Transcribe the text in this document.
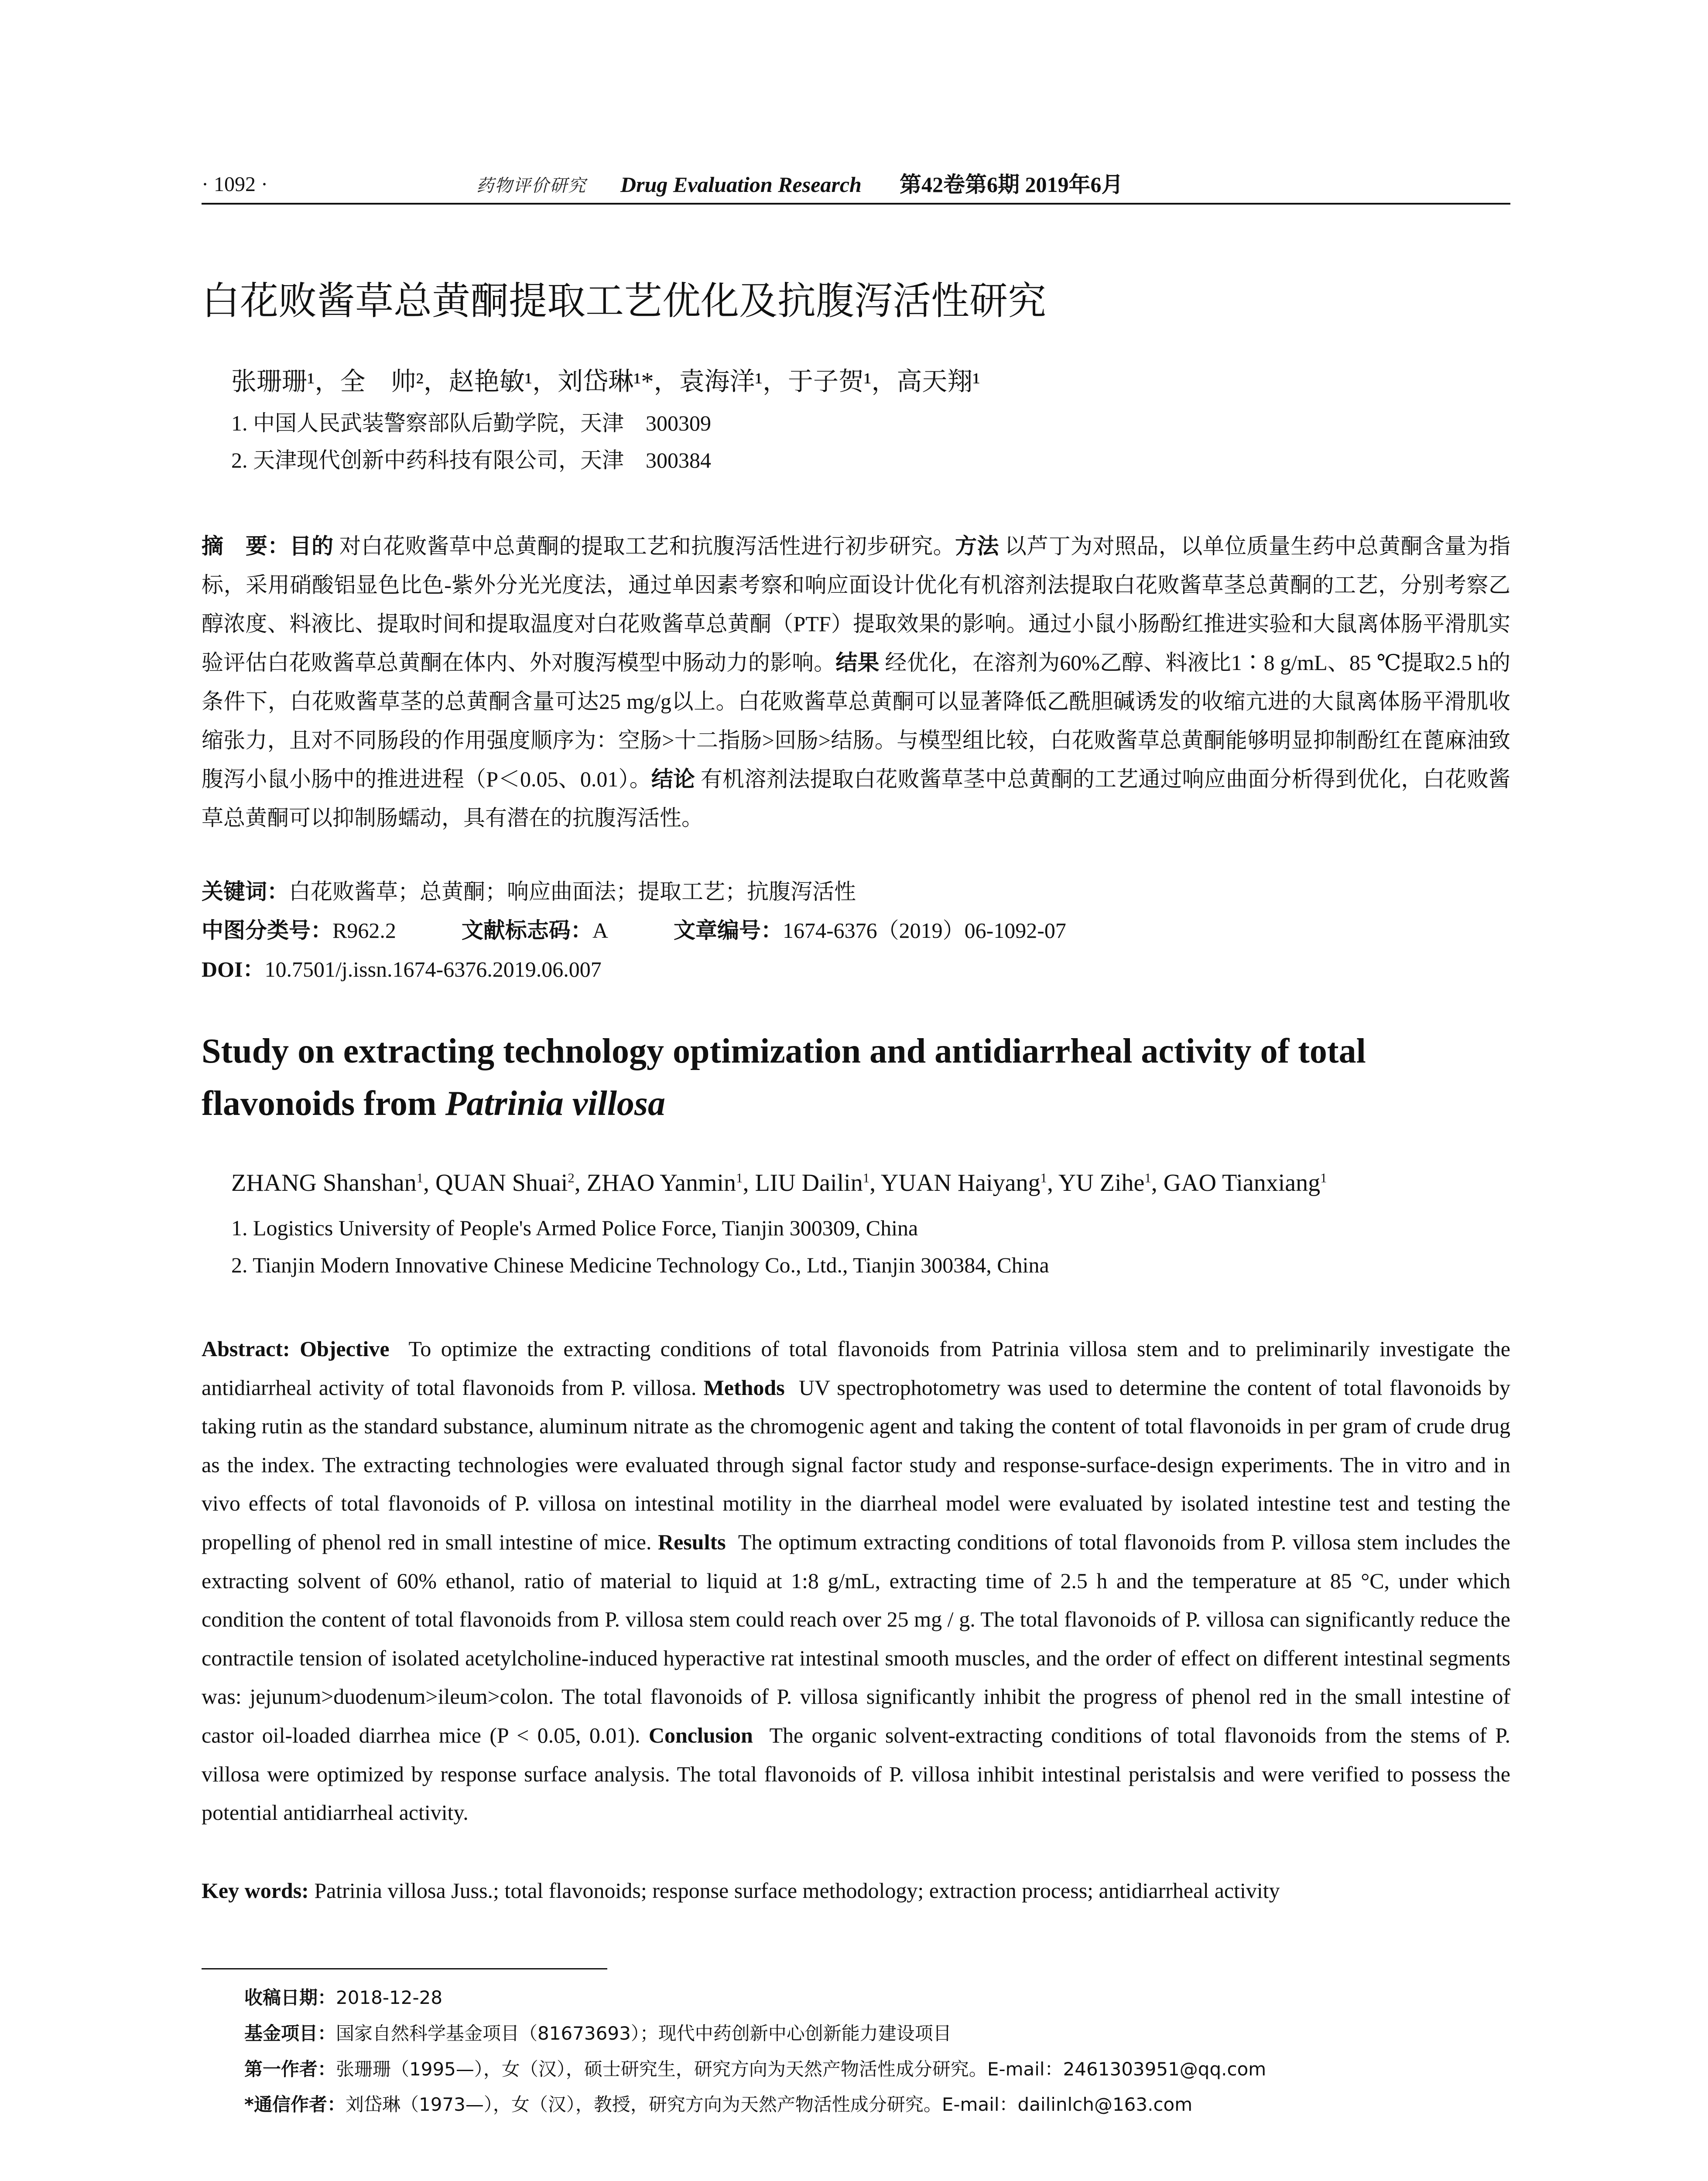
· 1092 ·	药物评价研究 Drug Evaluation Research 第42卷第6期 2019年6月
白花败酱草总黄酮提取工艺优化及抗腹泻活性研究
张珊珊¹，全　帅²，赵艳敏¹，刘岱琳¹*，袁海洋¹，于子贺¹，高天翔¹
1. 中国人民武装警察部队后勤学院，天津　300309
2. 天津现代创新中药科技有限公司，天津　300384
摘　要：目的 对白花败酱草中总黄酮的提取工艺和抗腹泻活性进行初步研究。方法 以芦丁为对照品，以单位质量生药中总黄酮含量为指标，采用硝酸铝显色比色-紫外分光光度法，通过单因素考察和响应面设计优化有机溶剂法提取白花败酱草茎总黄酮的工艺，分别考察乙醇浓度、料液比、提取时间和提取温度对白花败酱草总黄酮（PTF）提取效果的影响。通过小鼠小肠酚红推进实验和大鼠离体肠平滑肌实验评估白花败酱草总黄酮在体内、外对腹泻模型中肠动力的影响。结果 经优化，在溶剂为60%乙醇、料液比1∶8 g/mL、85 ℃提取2.5 h的条件下，白花败酱草茎的总黄酮含量可达25 mg/g以上。白花败酱草总黄酮可以显著降低乙酰胆碱诱发的收缩亢进的大鼠离体肠平滑肌收缩张力，且对不同肠段的作用强度顺序为：空肠>十二指肠>回肠>结肠。与模型组比较，白花败酱草总黄酮能够明显抑制酚红在蓖麻油致腹泻小鼠小肠中的推进进程（P＜0.05、0.01）。结论 有机溶剂法提取白花败酱草茎中总黄酮的工艺通过响应曲面分析得到优化，白花败酱草总黄酮可以抑制肠蠕动，具有潜在的抗腹泻活性。
关键词：白花败酱草；总黄酮；响应曲面法；提取工艺；抗腹泻活性
中图分类号：R962.2	文献标志码：A	文章编号：1674-6376（2019）06-1092-07
DOI：10.7501/j.issn.1674-6376.2019.06.007
Study on extracting technology optimization and antidiarrheal activity of total flavonoids from Patrinia villosa
ZHANG Shanshan$^1$, QUAN Shuai$^2$, ZHAO Yanmin$^1$, LIU Dailin$^1$, YUAN Haiyang$^1$, YU Zihe$^1$, GAO Tianxiang$^1$
1. Logistics University of People's Armed Police Force, Tianjin 300309, China
2. Tianjin Modern Innovative Chinese Medicine Technology Co., Ltd., Tianjin 300384, China
Abstract: Objective To optimize the extracting conditions of total flavonoids from Patrinia villosa stem and to preliminarily investigate the antidiarrheal activity of total flavonoids from P. villosa. Methods UV spectrophotometry was used to determine the content of total flavonoids by taking rutin as the standard substance, aluminum nitrate as the chromogenic agent and taking the content of total flavonoids in per gram of crude drug as the index. The extracting technologies were evaluated through signal factor study and response-surface-design experiments. The in vitro and in vivo effects of total flavonoids of P. villosa on intestinal motility in the diarrheal model were evaluated by isolated intestine test and testing the propelling of phenol red in small intestine of mice. Results The optimum extracting conditions of total flavonoids from P. villosa stem includes the extracting solvent of 60% ethanol, ratio of material to liquid at 1:8 g/mL, extracting time of 2.5 h and the temperature at 85 °C, under which condition the content of total flavonoids from P. villosa stem could reach over 25 mg / g. The total flavonoids of P. villosa can significantly reduce the contractile tension of isolated acetylcholine-induced hyperactive rat intestinal smooth muscles, and the order of effect on different intestinal segments was: jejunum>duodenum>ileum>colon. The total flavonoids of P. villosa significantly inhibit the progress of phenol red in the small intestine of castor oil-loaded diarrhea mice (P < 0.05, 0.01). Conclusion The organic solvent-extracting conditions of total flavonoids from the stems of P. villosa were optimized by response surface analysis. The total flavonoids of P. villosa inhibit intestinal peristalsis and were verified to possess the potential antidiarrheal activity.
Key words: Patrinia villosa Juss.; total flavonoids; response surface methodology; extraction process; antidiarrheal activity
收稿日期：2018-12-28
基金项目：国家自然科学基金项目（81673693）；现代中药创新中心创新能力建设项目
第一作者：张珊珊（1995—），女（汉），硕士研究生，研究方向为天然产物活性成分研究。E-mail：2461303951@qq.com
*通信作者：刘岱琳（1973—），女（汉），教授，研究方向为天然产物活性成分研究。E-mail：dailinlch@163.com
